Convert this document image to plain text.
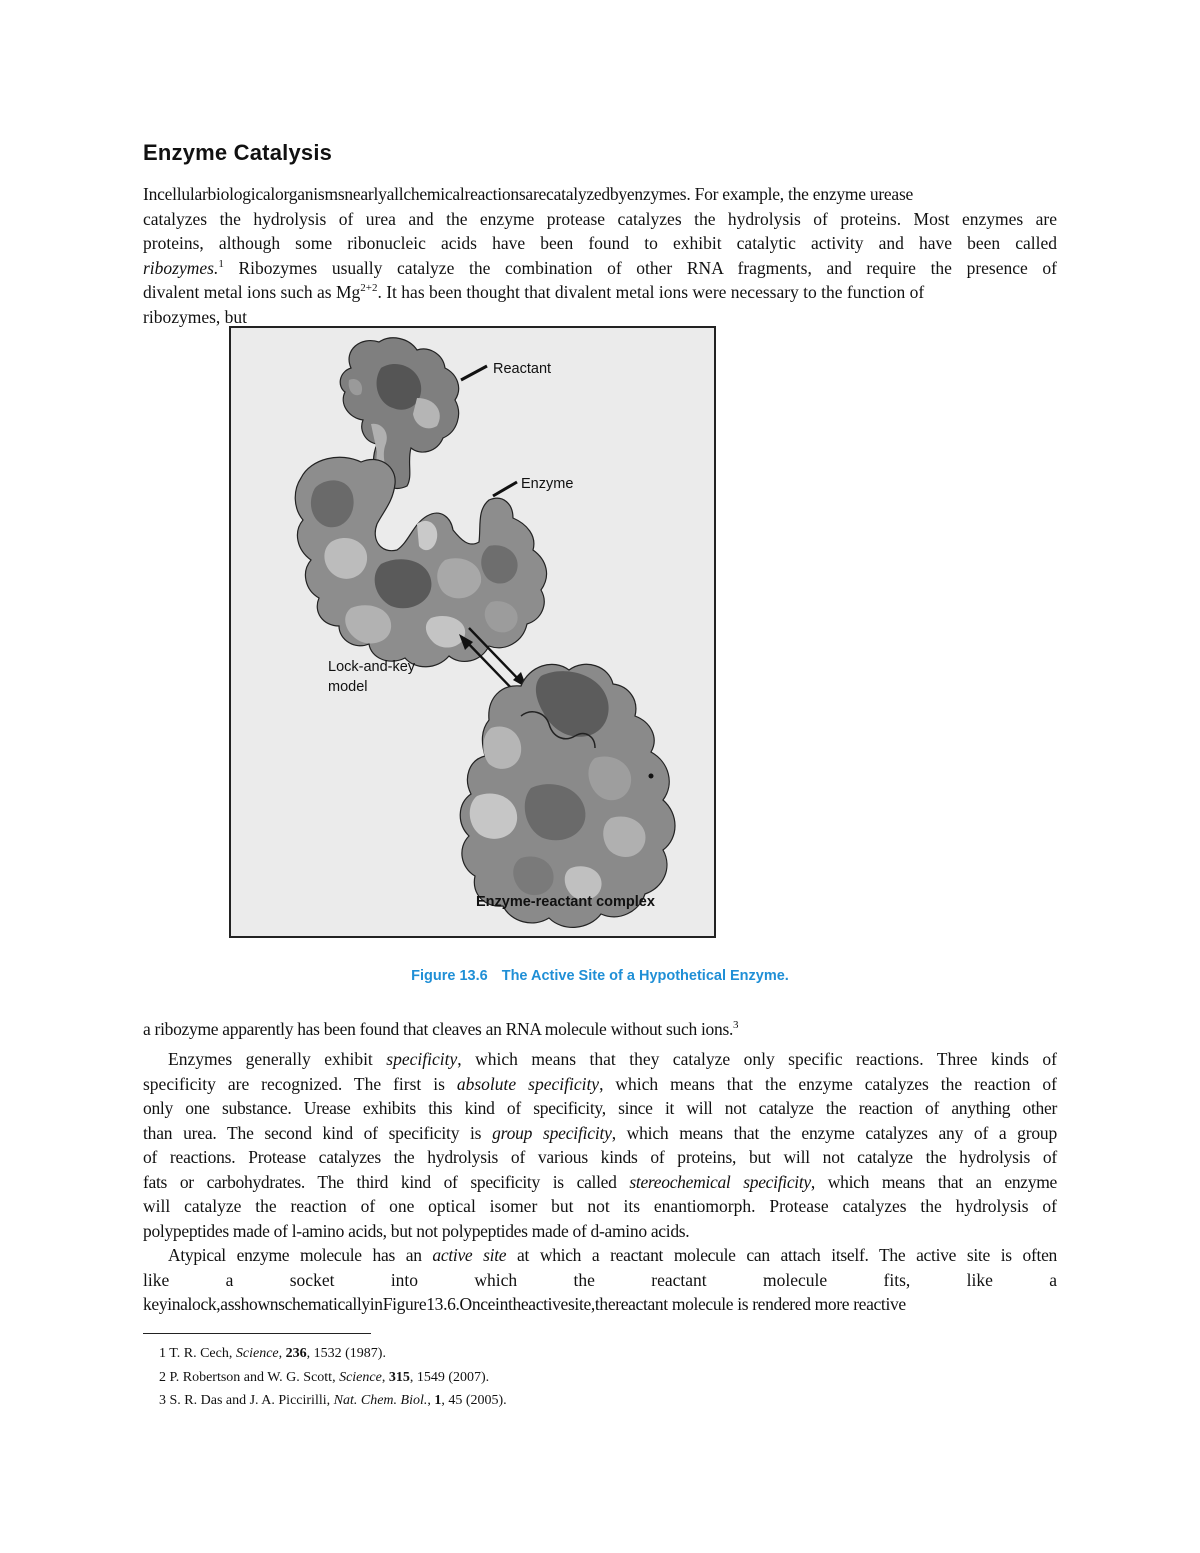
Enzyme Catalysis
Incellularbiologicalorganismsnearlyallchemicalreactionsarecatalyzedbyenzymes. For example, the enzyme urease
catalyzes the hydrolysis of urea and the enzyme protease catalyzes the hydrolysis of proteins. Most enzymes are
proteins, although some ribonucleic acids have been found to exhibit catalytic activity and have been called
ribozymes.$^1$ Ribozymes usually catalyze the combination of other RNA fragments, and require the presence of
divalent metal ions such as $Mg^{2+2}$. It has been thought that divalent metal ions were necessary to the function of
ribozymes, but
Reactant
Enzyme
Lock-and-key
model
Enzyme-reactant complex
Figure 13.6 The Active Site of a Hypothetical Enzyme.
a ribozyme apparently has been found that cleaves an RNA molecule without such ions.$^3$
Enzymes generally exhibit specificity, which means that they catalyze only specific reactions. Three kinds of
specificity are recognized. The first is absolute specificity, which means that the enzyme catalyzes the reaction of
only one substance. Urease exhibits this kind of specificity, since it will not catalyze the reaction of anything other
than urea. The second kind of specificity is group specificity, which means that the enzyme catalyzes any of a group
of reactions. Protease catalyzes the hydrolysis of various kinds of proteins, but will not catalyze the hydrolysis of
fats or carbohydrates. The third kind of specificity is called stereochemical specificity, which means that an enzyme
will catalyze the reaction of one optical isomer but not its enantiomorph. Protease catalyzes the hydrolysis of
polypeptides made of l-amino acids, but not polypeptides made of d-amino acids.
Atypical enzyme molecule has an active site at which a reactant molecule can attach itself. The active site is often
like a socket into which the reactant molecule fits, like a
keyinalock,asshownschematicallyinFigure13.6.Onceintheactivesite,thereactant molecule is rendered more reactive
1 T. R. Cech, Science, 236, 1532 (1987).
2 P. Robertson and W. G. Scott, Science, 315, 1549 (2007).
3 S. R. Das and J. A. Piccirilli, Nat. Chem. Biol., 1, 45 (2005).
